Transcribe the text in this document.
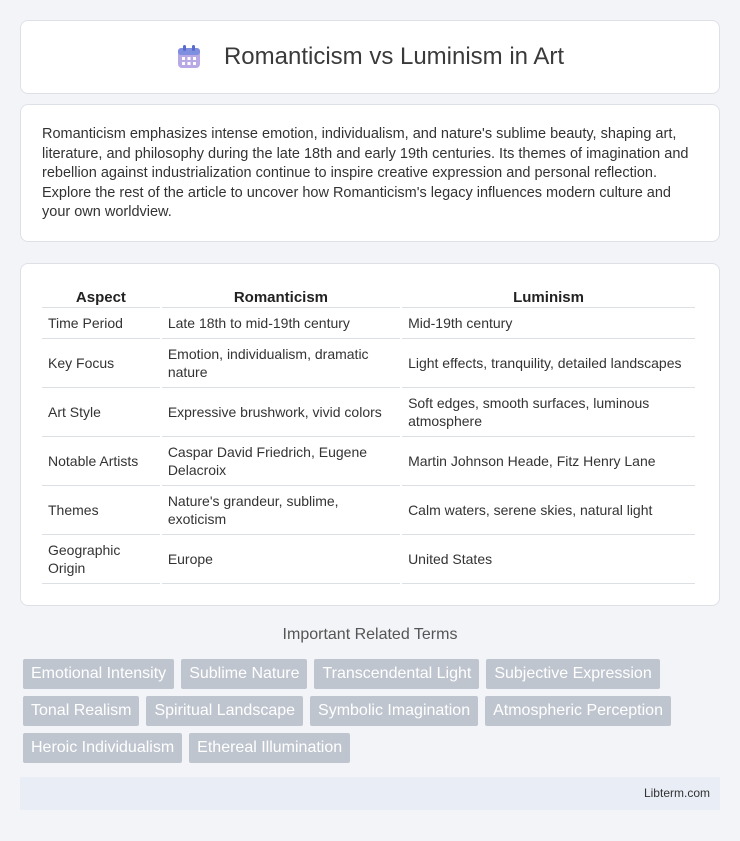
Romanticism vs Luminism in Art

Romanticism emphasizes intense emotion, individualism, and nature's sublime beauty, shaping art, literature, and philosophy during the late 18th and early 19th centuries. Its themes of imagination and rebellion against industrialization continue to inspire creative expression and personal reflection. Explore the rest of the article to uncover how Romanticism's legacy influences modern culture and your own worldview.

Aspect	Romanticism	Luminism
Time Period	Late 18th to mid-19th century	Mid-19th century
Key Focus	Emotion, individualism, dramatic nature	Light effects, tranquility, detailed landscapes
Art Style	Expressive brushwork, vivid colors	Soft edges, smooth surfaces, luminous atmosphere
Notable Artists	Caspar David Friedrich, Eugene Delacroix	Martin Johnson Heade, Fitz Henry Lane
Themes	Nature's grandeur, sublime, exoticism	Calm waters, serene skies, natural light
Geographic Origin	Europe	United States
Important Related Terms
Emotional Intensity	Sublime Nature	Transcendental Light	Subjective Expression
Tonal Realism	Spiritual Landscape	Symbolic Imagination	Atmospheric Perception
Heroic Individualism	Ethereal Illumination
Libterm.com
